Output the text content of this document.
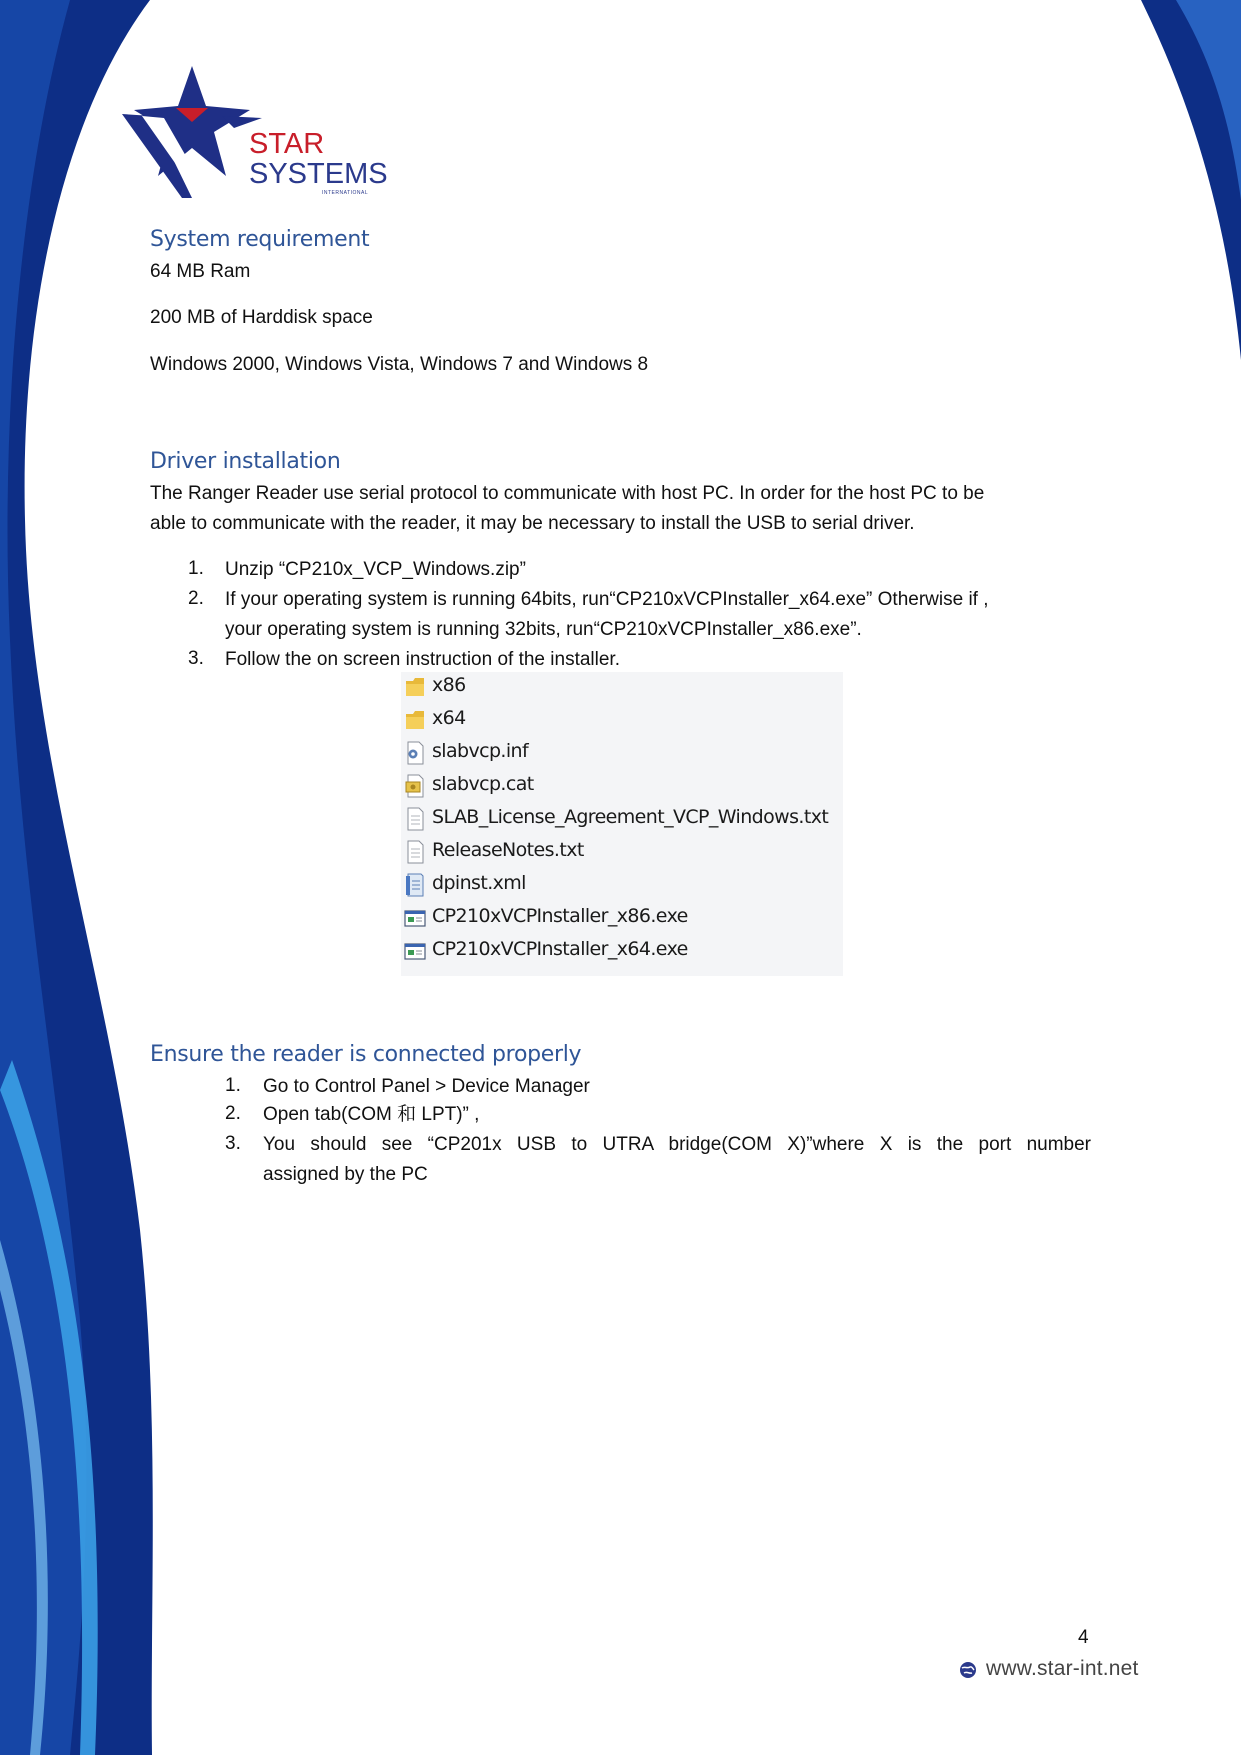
STAR
SYSTEMS
INTERNATIONAL
System requirement
64 MB Ram
200 MB of Harddisk space
Windows 2000, Windows Vista, Windows 7 and Windows 8
Driver installation
The Ranger Reader use serial protocol to communicate with host PC. In order for the host PC to be
able to communicate with the reader, it may be necessary to install the USB to serial driver.
1. Unzip “CP210x_VCP_Windows.zip”
2. If your operating system is running 64bits, run“CP210xVCPInstaller_x64.exe” Otherwise if ,
your operating system is running 32bits, run“CP210xVCPInstaller_x86.exe”.
3. Follow the on screen instruction of the installer.
x86
x64
slabvcp.inf
slabvcp.cat
SLAB_License_Agreement_VCP_Windows.txt
ReleaseNotes.txt
dpinst.xml
CP210xVCPInstaller_x86.exe
CP210xVCPInstaller_x64.exe
Ensure the reader is connected properly
1. Go to Control Panel > Device Manager
2. Open tab(COM 和 LPT)” ,
3. You should see “CP201x USB to UTRA bridge(COM X)”where X is the port number
assigned by the PC
4
www.star-int.net
